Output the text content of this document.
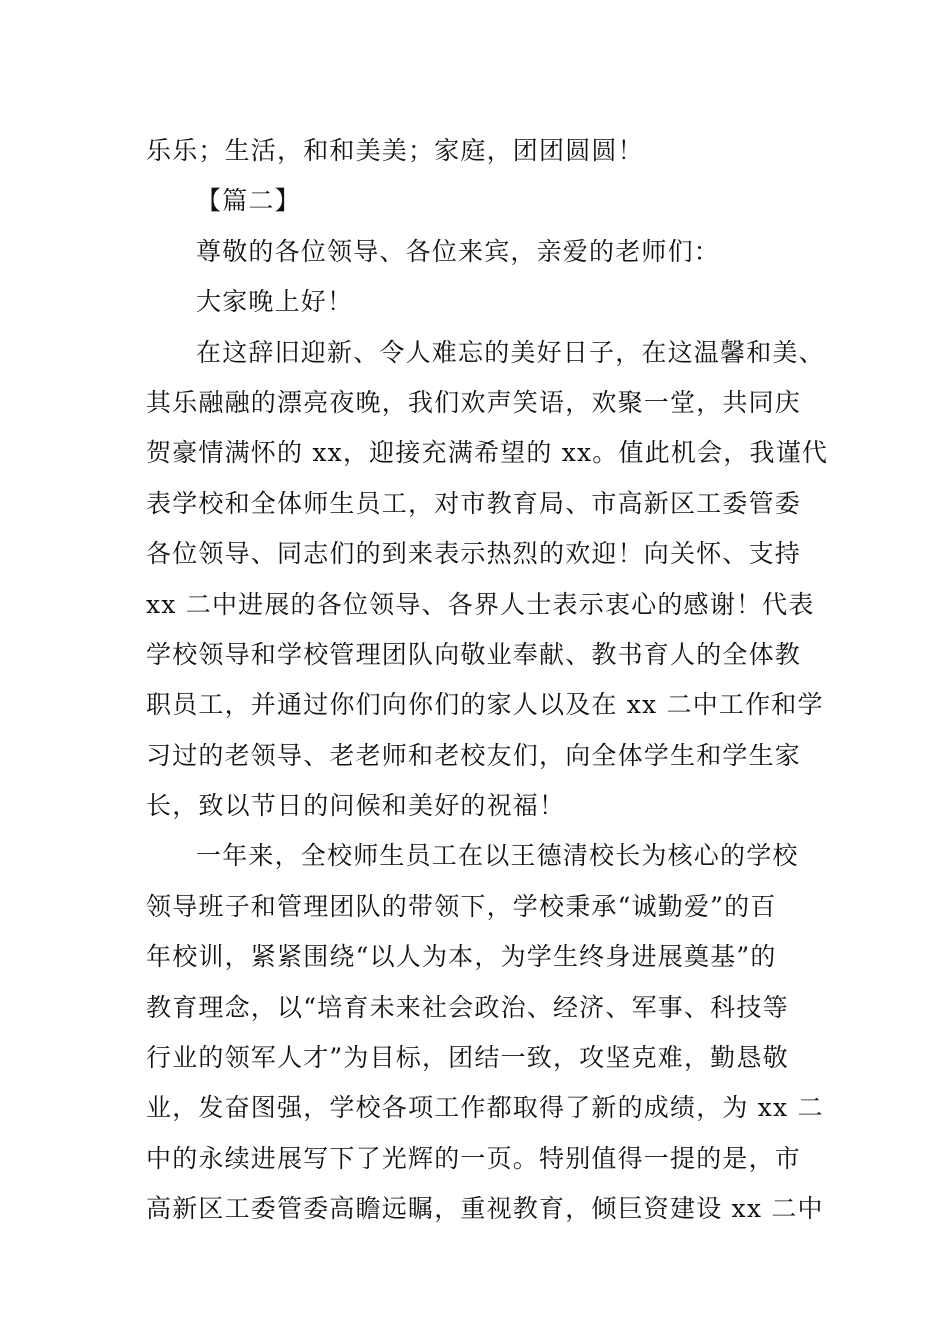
乐乐；生活，和和美美；家庭，团团圆圆！
【篇二】
尊敬的各位领导、各位来宾，亲爱的老师们：
大家晚上好！
在这辞旧迎新、令人难忘的美好日子，在这温馨和美、
其乐融融的漂亮夜晚，我们欢声笑语，欢聚一堂，共同庆
贺豪情满怀的 xx，迎接充满希望的 xx。值此机会，我谨代
表学校和全体师生员工，对市教育局、市高新区工委管委
各位领导、同志们的到来表示热烈的欢迎！向关怀、支持
xx 二中进展的各位领导、各界人士表示衷心的感谢！代表
学校领导和学校管理团队向敬业奉献、教书育人的全体教
职员工，并通过你们向你们的家人以及在 xx 二中工作和学
习过的老领导、老老师和老校友们，向全体学生和学生家
长，致以节日的问候和美好的祝福！
一年来，全校师生员工在以王德清校长为核心的学校
领导班子和管理团队的带领下，学校秉承“诚勤爱”的百
年校训，紧紧围绕“以人为本，为学生终身进展奠基”的
教育理念，以“培育未来社会政治、经济、军事、科技等
行业的领军人才”为目标，团结一致，攻坚克难，勤恳敬
业，发奋图强，学校各项工作都取得了新的成绩，为 xx 二
中的永续进展写下了光辉的一页。特别值得一提的是，市
高新区工委管委高瞻远瞩，重视教育，倾巨资建设 xx 二中
